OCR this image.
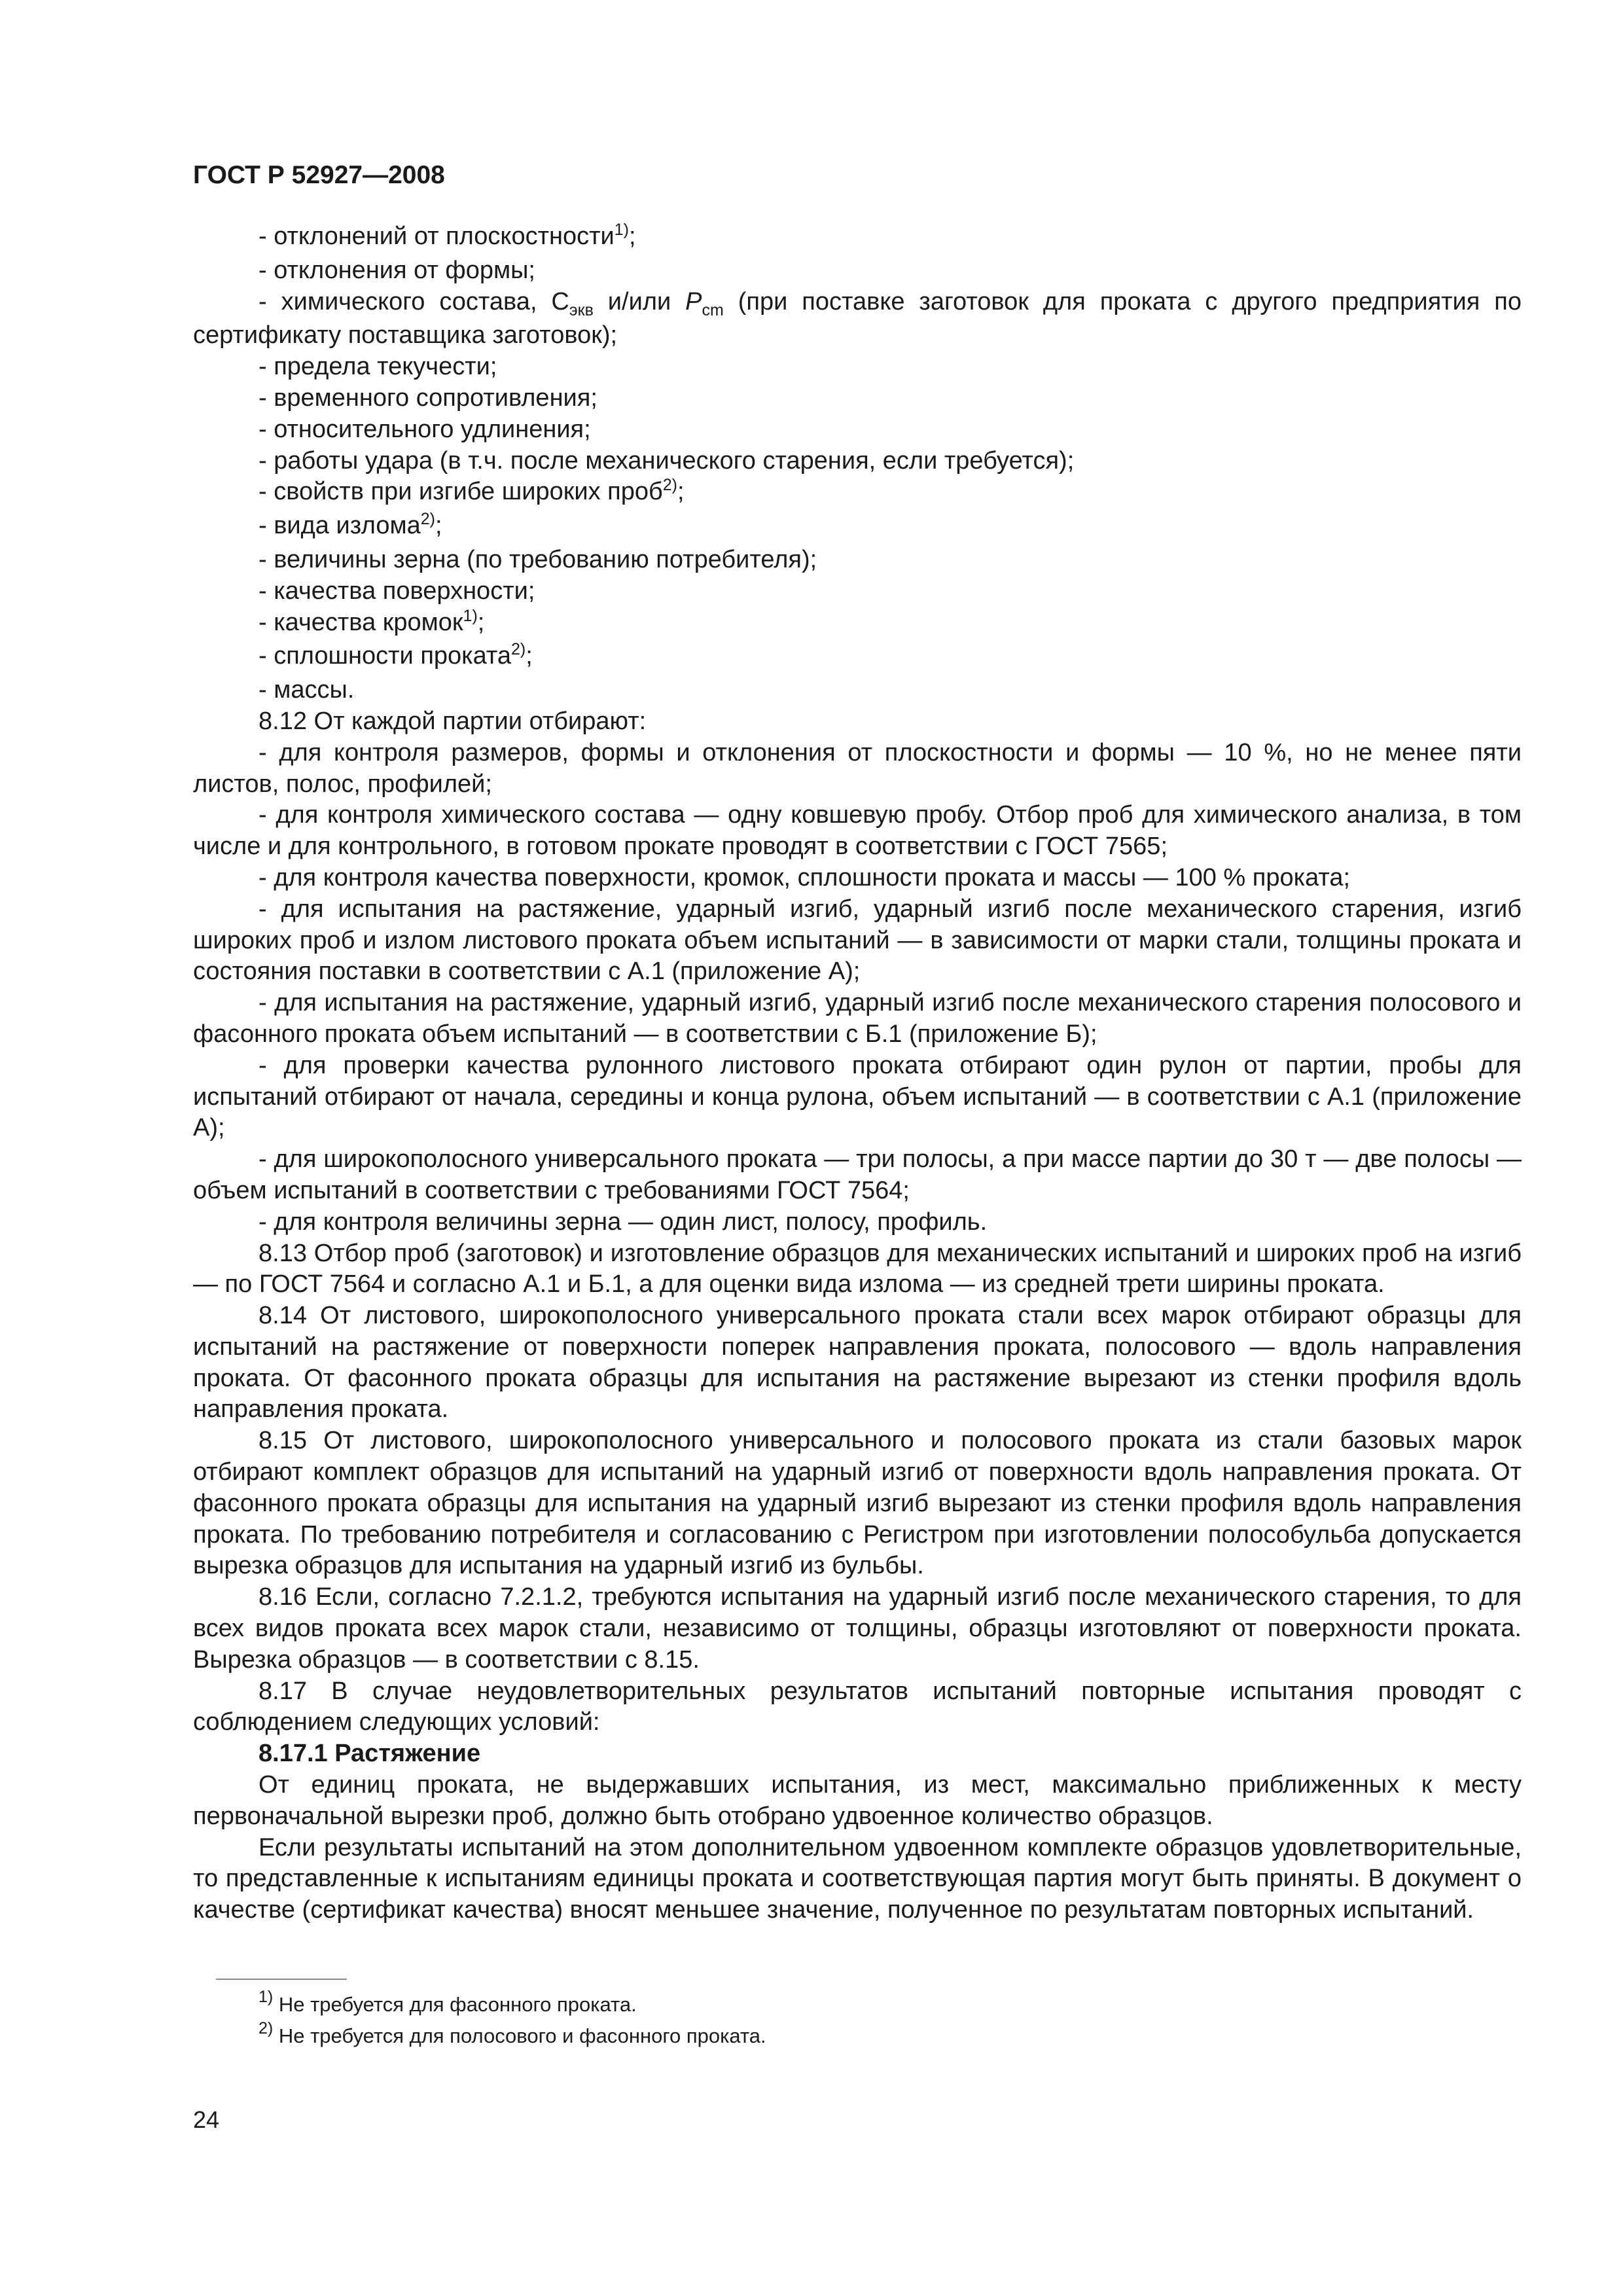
ГОСТ Р 52927—2008

- отклонений от плоскостности$^{1)}$;

- отклонения от формы;

- химического состава, $С_{экв}$ и/или $P_{cm}$ (при поставке заготовок для проката с другого предприятия по сертификату поставщика заготовок);

- предела текучести;

- временного сопротивления;

- относительного удлинения;

- работы удара (в т.ч. после механического старения, если требуется);

- свойств при изгибе широких проб$^{2)}$;

- вида излома$^{2)}$;

- величины зерна (по требованию потребителя);

- качества поверхности;

- качества кромок$^{1)}$;

- сплошности проката$^{2)}$;

- массы.

8.12 От каждой партии отбирают:

- для контроля размеров, формы и отклонения от плоскостности и формы — 10 %, но не менее пяти листов, полос, профилей;

- для контроля химического состава — одну ковшевую пробу. Отбор проб для химического анализа, в том числе и для контрольного, в готовом прокате проводят в соответствии с ГОСТ 7565;

- для контроля качества поверхности, кромок, сплошности проката и массы — 100 % проката;

- для испытания на растяжение, ударный изгиб, ударный изгиб после механического старения, изгиб широких проб и излом листового проката объем испытаний — в зависимости от марки стали, толщины проката и состояния поставки в соответствии с А.1 (приложение А);

- для испытания на растяжение, ударный изгиб, ударный изгиб после механического старения полосового и фасонного проката объем испытаний — в соответствии с Б.1 (приложение Б);

- для проверки качества рулонного листового проката отбирают один рулон от партии, пробы для испытаний отбирают от начала, середины и конца рулона, объем испытаний — в соответствии с А.1 (приложение А);

- для широкополосного универсального проката — три полосы, а при массе партии до 30 т — две полосы — объем испытаний в соответствии с требованиями ГОСТ 7564;

- для контроля величины зерна — один лист, полосу, профиль.

8.13 Отбор проб (заготовок) и изготовление образцов для механических испытаний и широких проб на изгиб — по ГОСТ 7564 и согласно А.1 и Б.1, а для оценки вида излома — из средней трети ширины проката.

8.14 От листового, широкополосного универсального проката стали всех марок отбирают образцы для испытаний на растяжение от поверхности поперек направления проката, полосового — вдоль направления проката. От фасонного проката образцы для испытания на растяжение вырезают из стенки профиля вдоль направления проката.

8.15 От листового, широкополосного универсального и полосового проката из стали базовых марок отбирают комплект образцов для испытаний на ударный изгиб от поверхности вдоль направления проката. От фасонного проката образцы для испытания на ударный изгиб вырезают из стенки профиля вдоль направления проката. По требованию потребителя и согласованию с Регистром при изготовлении полособульба допускается вырезка образцов для испытания на ударный изгиб из бульбы.

8.16 Если, согласно 7.2.1.2, требуются испытания на ударный изгиб после механического старения, то для всех видов проката всех марок стали, независимо от толщины, образцы изготовляют от поверхности проката. Вырезка образцов — в соответствии с 8.15.

8.17 В случае неудовлетворительных результатов испытаний повторные испытания проводят с соблюдением следующих условий:

8.17.1 Растяжение

От единиц проката, не выдержавших испытания, из мест, максимально приближенных к месту первоначальной вырезки проб, должно быть отобрано удвоенное количество образцов.

Если результаты испытаний на этом дополнительном удвоенном комплекте образцов удовлетворительные, то представленные к испытаниям единицы проката и соответствующая партия могут быть приняты. В документ о качестве (сертификат качества) вносят меньшее значение, полученное по результатам повторных испытаний.

$^{1)}$ Не требуется для фасонного проката.

$^{2)}$ Не требуется для полосового и фасонного проката.

24
